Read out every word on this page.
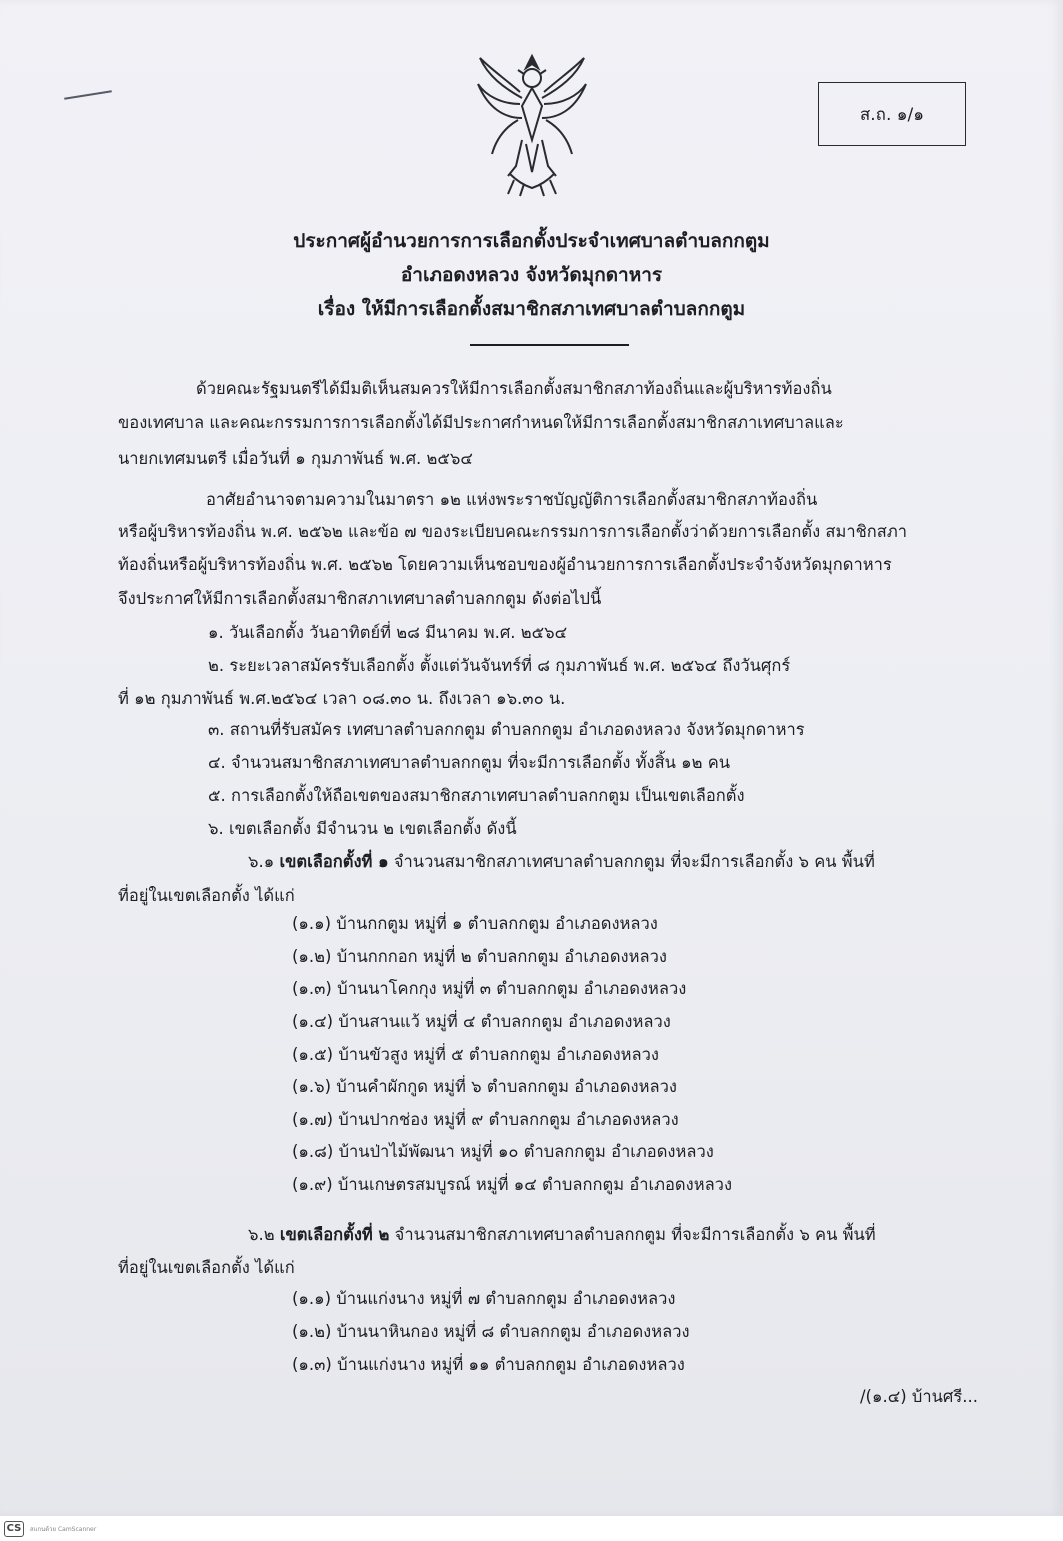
ส.ถ. ๑/๑
ประกาศผู้อำนวยการการเลือกตั้งประจำเทศบาลตำบลกกตูม
อำเภอดงหลวง จังหวัดมุกดาหาร
เรื่อง ให้มีการเลือกตั้งสมาชิกสภาเทศบาลตำบลกกตูม
ด้วยคณะรัฐมนตรีได้มีมติเห็นสมควรให้มีการเลือกตั้งสมาชิกสภาท้องถิ่นและผู้บริหารท้องถิ่น
ของเทศบาล และคณะกรรมการการเลือกตั้งได้มีประกาศกำหนดให้มีการเลือกตั้งสมาชิกสภาเทศบาลและ
นายกเทศมนตรี เมื่อวันที่ ๑ กุมภาพันธ์ พ.ศ. ๒๕๖๔
อาศัยอำนาจตามความในมาตรา ๑๒ แห่งพระราชบัญญัติการเลือกตั้งสมาชิกสภาท้องถิ่น
หรือผู้บริหารท้องถิ่น พ.ศ. ๒๕๖๒ และข้อ ๗ ของระเบียบคณะกรรมการการเลือกตั้งว่าด้วยการเลือกตั้ง สมาชิกสภา
ท้องถิ่นหรือผู้บริหารท้องถิ่น พ.ศ. ๒๕๖๒ โดยความเห็นชอบของผู้อำนวยการการเลือกตั้งประจำจังหวัดมุกดาหาร
จึงประกาศให้มีการเลือกตั้งสมาชิกสภาเทศบาลตำบลกกตูม ดังต่อไปนี้
๑. วันเลือกตั้ง วันอาทิตย์ที่ ๒๘ มีนาคม พ.ศ. ๒๕๖๔
๒. ระยะเวลาสมัครรับเลือกตั้ง ตั้งแต่วันจันทร์ที่ ๘ กุมภาพันธ์ พ.ศ. ๒๕๖๔ ถึงวันศุกร์
ที่ ๑๒ กุมภาพันธ์ พ.ศ.๒๕๖๔ เวลา ๐๘.๓๐ น. ถึงเวลา ๑๖.๓๐ น.
๓. สถานที่รับสมัคร เทศบาลตำบลกกตูม ตำบลกกตูม อำเภอดงหลวง จังหวัดมุกดาหาร
๔. จำนวนสมาชิกสภาเทศบาลตำบลกกตูม ที่จะมีการเลือกตั้ง ทั้งสิ้น ๑๒ คน
๕. การเลือกตั้งให้ถือเขตของสมาชิกสภาเทศบาลตำบลกกตูม เป็นเขตเลือกตั้ง
๖. เขตเลือกตั้ง มีจำนวน ๒ เขตเลือกตั้ง ดังนี้
๖.๑ เขตเลือกตั้งที่ ๑ จำนวนสมาชิกสภาเทศบาลตำบลกกตูม ที่จะมีการเลือกตั้ง ๖ คน พื้นที่
ที่อยู่ในเขตเลือกตั้ง ได้แก่
(๑.๑) บ้านกกตูม หมู่ที่ ๑ ตำบลกกตูม อำเภอดงหลวง
(๑.๒) บ้านกกกอก หมู่ที่ ๒ ตำบลกกตูม อำเภอดงหลวง
(๑.๓) บ้านนาโคกกุง หมู่ที่ ๓ ตำบลกกตูม อำเภอดงหลวง
(๑.๔) บ้านสานแว้ หมู่ที่ ๔ ตำบลกกตูม อำเภอดงหลวง
(๑.๕) บ้านขัวสูง หมู่ที่ ๕ ตำบลกกตูม อำเภอดงหลวง
(๑.๖) บ้านคำผักกูด หมู่ที่ ๖ ตำบลกกตูม อำเภอดงหลวง
(๑.๗) บ้านปากช่อง หมู่ที่ ๙ ตำบลกกตูม อำเภอดงหลวง
(๑.๘) บ้านป่าไม้พัฒนา หมู่ที่ ๑๐ ตำบลกกตูม อำเภอดงหลวง
(๑.๙) บ้านเกษตรสมบูรณ์ หมู่ที่ ๑๔ ตำบลกกตูม อำเภอดงหลวง
๖.๒ เขตเลือกตั้งที่ ๒ จำนวนสมาชิกสภาเทศบาลตำบลกกตูม ที่จะมีการเลือกตั้ง ๖ คน พื้นที่
ที่อยู่ในเขตเลือกตั้ง ได้แก่
(๑.๑) บ้านแก่งนาง หมู่ที่ ๗ ตำบลกกตูม อำเภอดงหลวง
(๑.๒) บ้านนาหินกอง หมู่ที่ ๘ ตำบลกกตูม อำเภอดงหลวง
(๑.๓) บ้านแก่งนาง หมู่ที่ ๑๑ ตำบลกกตูม อำเภอดงหลวง
/(๑.๔) บ้านศรี...
CS	สแกนด้วย CamScanner
